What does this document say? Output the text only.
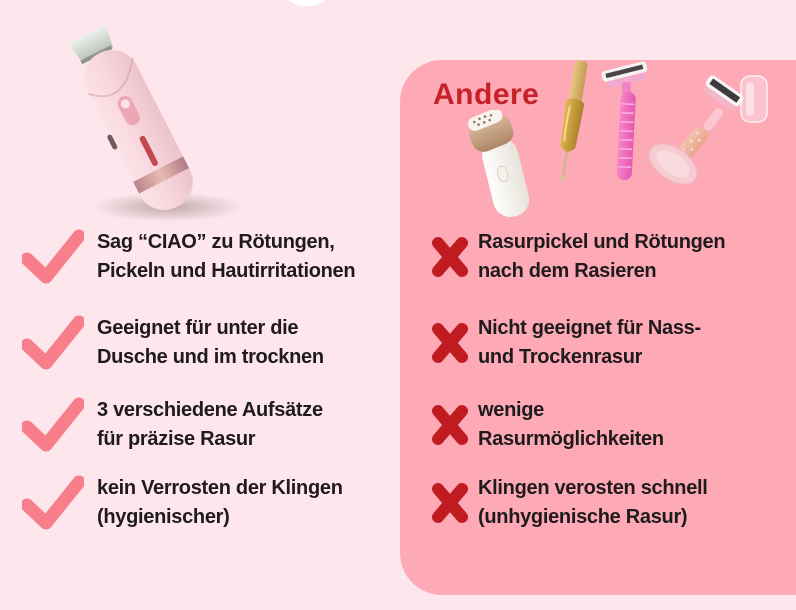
Andere
Sag “CIAO” zu Rötungen,
Pickeln und Hautirritationen
Geeignet für unter die
Dusche und im trocknen
3 verschiedene Aufsätze
für präzise Rasur
kein Verrosten der Klingen
(hygienischer)
Rasurpickel und Rötungen
nach dem Rasieren
Nicht geeignet für Nass-
und Trockenrasur
wenige
Rasurmöglichkeiten
Klingen verosten schnell
(unhygienische Rasur)
